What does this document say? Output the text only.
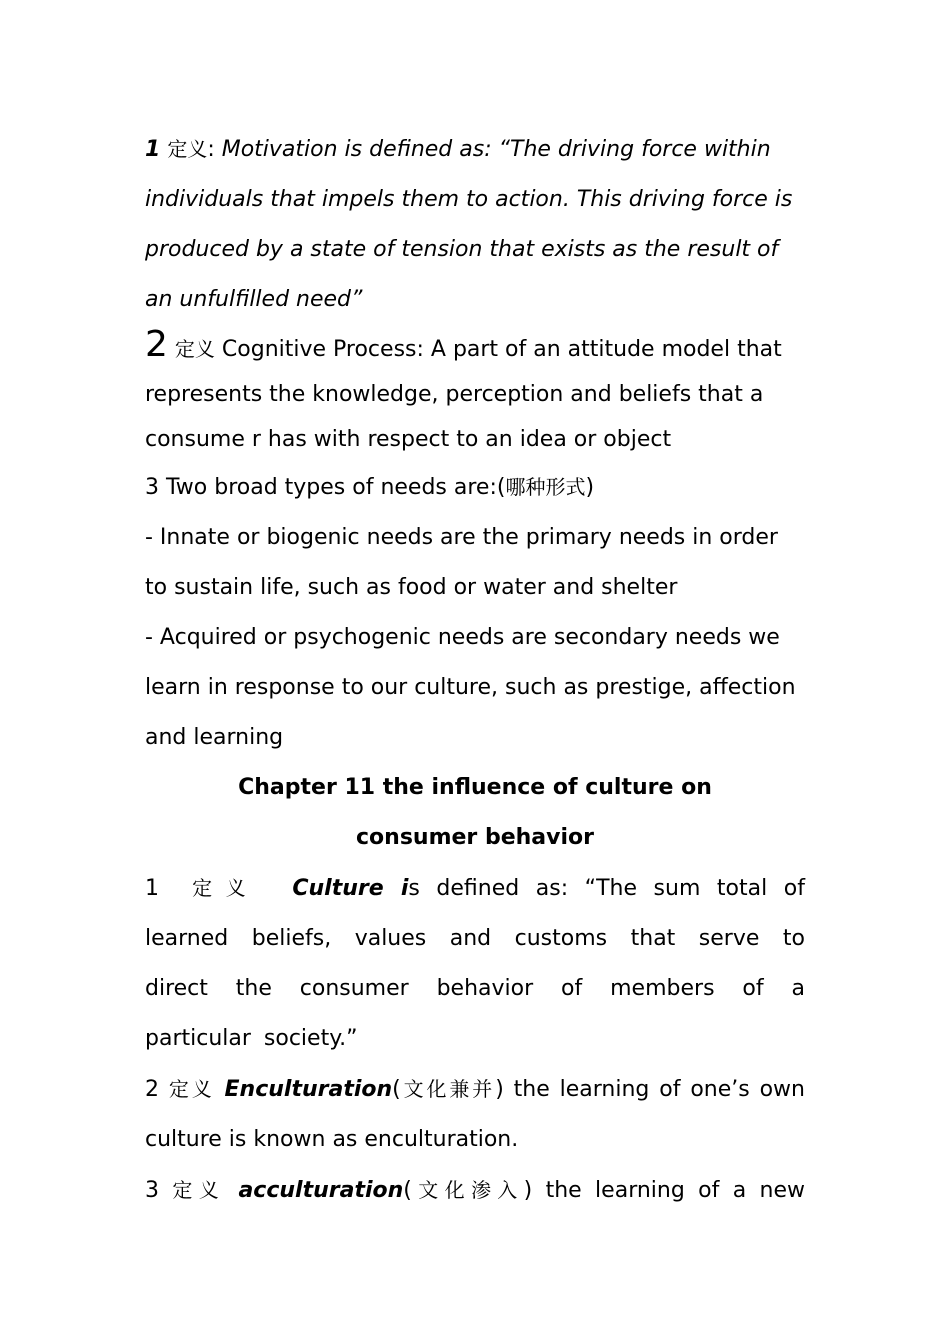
1 定义: Motivation is defined as: “The driving force within individuals that impels them to action. This driving force is produced by a state of tension that exists as the result of an unfulfilled need”

2 定义 Cognitive Process: A part of an attitude model that represents the knowledge, perception and beliefs that a consume r has with respect to an idea or object

3 Two broad types of needs are:(哪种形式)

- Innate or biogenic needs are the primary needs in order to sustain life, such as food or water and shelter

- Acquired or psychogenic needs are secondary needs we learn in response to our culture, such as prestige, affection and learning

Chapter 11 the influence of culture on

consumer behavior

1 定义 Culture is defined as: “The sum total of learned beliefs, values and customs that serve to direct the consumer behavior of members of a particular society.”

2 定义 Enculturation(文化兼并) the learning of one’s own culture is known as enculturation.

3 定义 acculturation(文化渗入) the learning of a new
